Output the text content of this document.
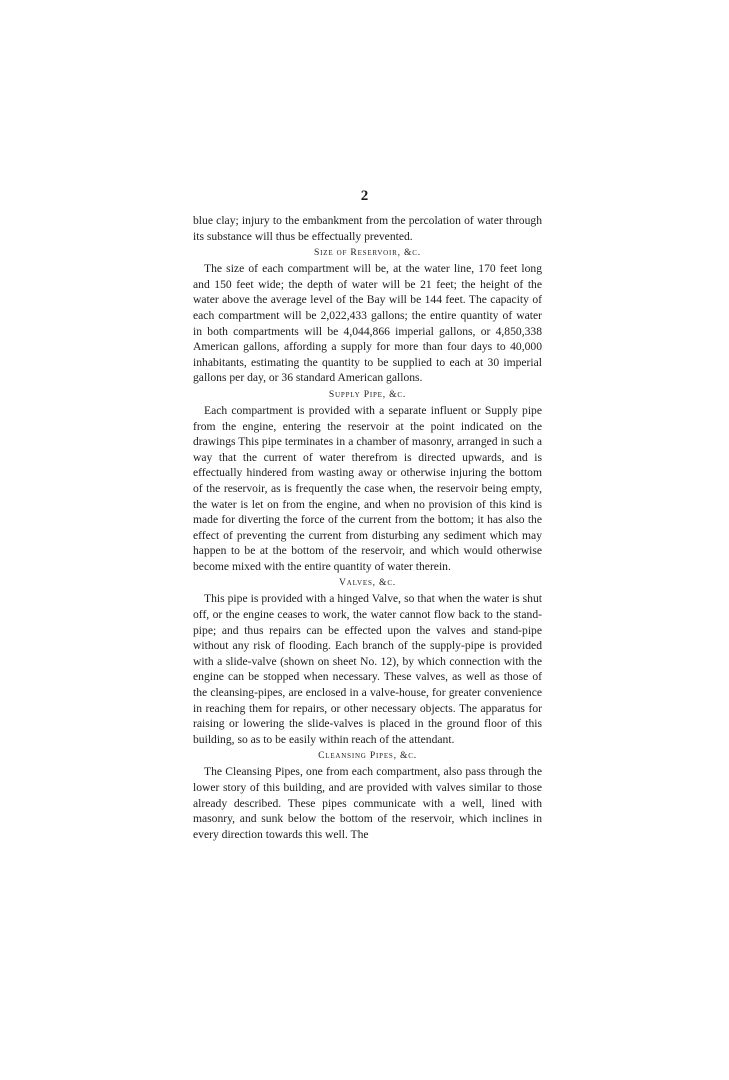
2

blue clay; injury to the embankment from the percolation of water through its substance will thus be effectually prevented.

Size of Reservoir, &c.

The size of each compartment will be, at the water line, 170 feet long and 150 feet wide; the depth of water will be 21 feet; the height of the water above the average level of the Bay will be 144 feet. The capacity of each compartment will be 2,022,433 gallons; the entire quantity of water in both compartments will be 4,044,866 imperial gallons, or 4,850,338 American gallons, affording a supply for more than four days to 40,000 inhabitants, estimating the quantity to be supplied to each at 30 imperial gallons per day, or 36 standard American gallons.

Supply Pipe, &c.

Each compartment is provided with a separate influent or Supply pipe from the engine, entering the reservoir at the point indicated on the drawings This pipe terminates in a chamber of masonry, arranged in such a way that the current of water therefrom is directed upwards, and is effectually hindered from wasting away or otherwise injuring the bottom of the reservoir, as is frequently the case when, the reservoir being empty, the water is let on from the engine, and when no provision of this kind is made for diverting the force of the current from the bottom; it has also the effect of preventing the current from disturbing any sediment which may happen to be at the bottom of the reservoir, and which would otherwise become mixed with the entire quantity of water therein.

Valves, &c.

This pipe is provided with a hinged Valve, so that when the water is shut off, or the engine ceases to work, the water cannot flow back to the stand-pipe; and thus repairs can be effected upon the valves and stand-pipe without any risk of flooding. Each branch of the supply-pipe is provided with a slide-valve (shown on sheet No. 12), by which connection with the engine can be stopped when necessary. These valves, as well as those of the cleansing-pipes, are enclosed in a valve-house, for greater convenience in reaching them for repairs, or other necessary objects. The apparatus for raising or lowering the slide-valves is placed in the ground floor of this building, so as to be easily within reach of the attendant.

Cleansing Pipes, &c.

The Cleansing Pipes, one from each compartment, also pass through the lower story of this building, and are provided with valves similar to those already described. These pipes communicate with a well, lined with masonry, and sunk below the bottom of the reservoir, which inclines in every direction towards this well. The
